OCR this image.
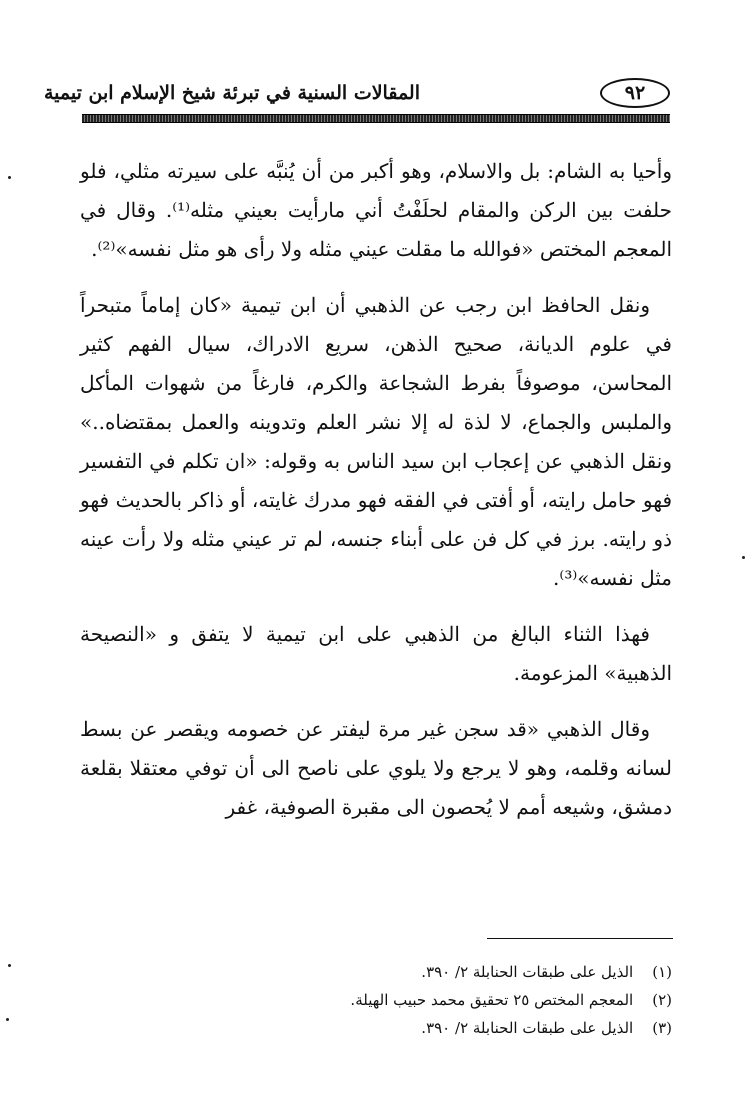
المقالات السنية في تبرئة شيخ الإسلام ابن تيمية	٩٢

وأحيا به الشام: بل والاسلام، وهو أكبر من أن يُنبَّه على سيرته مثلي، فلو حلفت بين الركن والمقام لحلَفْتُ أني مارأيت بعيني مثله⁽¹⁾. وقال في المعجم المختص «فوالله ما مقلت عيني مثله ولا رأى هو مثل نفسه»⁽²⁾.

ونقل الحافظ ابن رجب عن الذهبي أن ابن تيمية «كان إماماً متبحراً في علوم الديانة، صحيح الذهن، سريع الادراك، سيال الفهم كثير المحاسن، موصوفاً بفرط الشجاعة والكرم، فارغاً من شهوات المأكل والملبس والجماع، لا لذة له إلا نشر العلم وتدوينه والعمل بمقتضاه..» ونقل الذهبي عن إعجاب ابن سيد الناس به وقوله: «ان تكلم في التفسير فهو حامل رايته، أو أفتى في الفقه فهو مدرك غايته، أو ذاكر بالحديث فهو ذو رايته. برز في كل فن على أبناء جنسه، لم تر عيني مثله ولا رأت عينه مثل نفسه»⁽³⁾.

فهذا الثناء البالغ من الذهبي على ابن تيمية لا يتفق و «النصيحة الذهبية» المزعومة.

وقال الذهبي «قد سجن غير مرة ليفتر عن خصومه ويقصر عن بسط لسانه وقلمه، وهو لا يرجع ولا يلوي على ناصح الى أن توفي معتقلا بقلعة دمشق، وشيعه أمم لا يُحصون الى مقبرة الصوفية، غفر

(١) الذيل على طبقات الحنابلة ٢/ ٣٩٠.
(٢) المعجم المختص ٢٥ تحقيق محمد حبيب الهيلة.
(٣) الذيل على طبقات الحنابلة ٢/ ٣٩٠.
